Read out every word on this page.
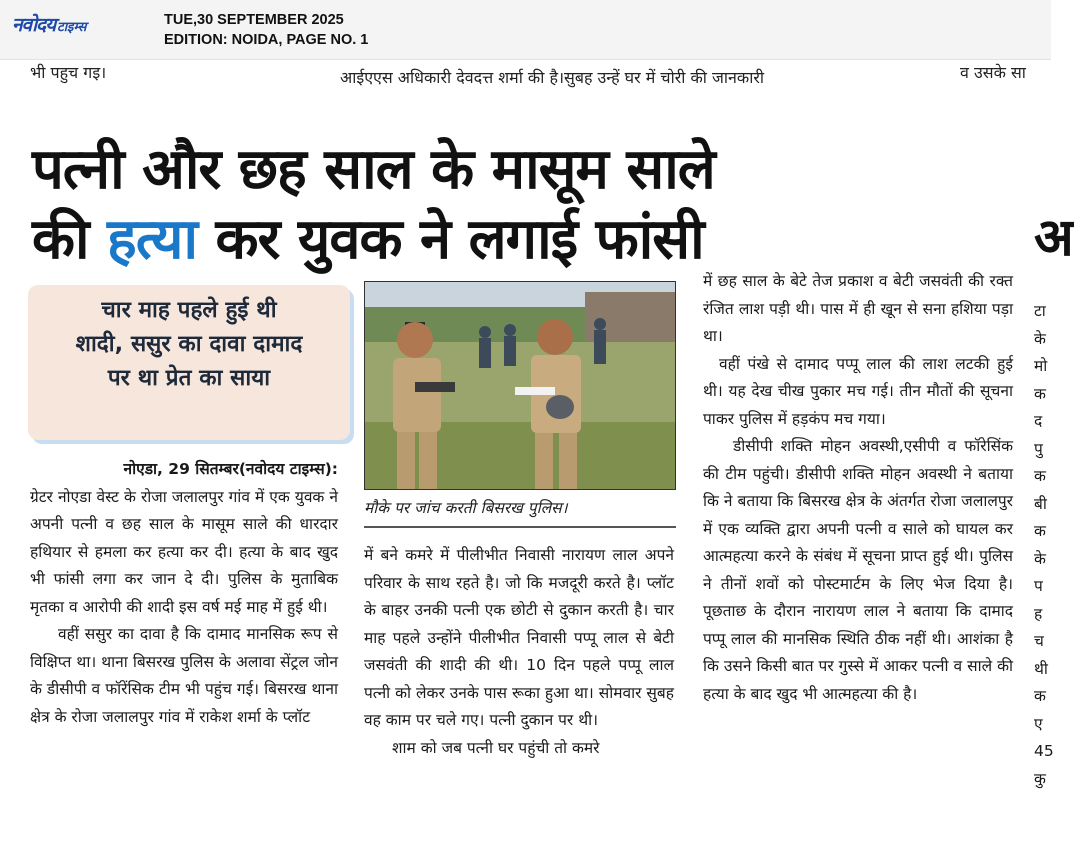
नवोदय टाइम्स	TUE,30 SEPTEMBER 2025
EDITION: NOIDA, PAGE NO. 1
भी पहुच गइ।	आईएएस अधिकारी देवदत्त शर्मा की है।सुबह उन्हें घर में चोरी की जानकारी	व उसके सा
पत्नी और छह साल के मासूम साले
की हत्या कर युवक ने लगाई फांसी	अ
चार माह पहले हुई थी
शादी, ससुर का दावा दामाद
पर था प्रेत का साया

नोएडा, 29 सितम्बर(नवोदय टाइम्स):

ग्रेटर नोएडा वेस्ट के रोजा जलालपुर गांव में एक युवक ने अपनी पत्नी व छह साल के मासूम साले की धारदार हथियार से हमला कर हत्या कर दी। हत्या के बाद खुद भी फांसी लगा कर जान दे दी। पुलिस के मुताबिक मृतका व आरोपी की शादी इस वर्ष मई माह में हुई थी।

वहीं ससुर का दावा है कि दामाद मानसिक रूप से विक्षिप्त था। थाना बिसरख पुलिस के अलावा सेंट्रल जोन के डीसीपी व फॉरेंसिक टीम भी पहुंच गई। बिसरख थाना क्षेत्र के रोजा जलालपुर गांव में राकेश शर्मा के प्लॉट

मौके पर जांच करती बिसरख पुलिस।

में बने कमरे में पीलीभीत निवासी नारायण लाल अपने परिवार के साथ रहते है। जो कि मजदूरी करते है। प्लॉट के बाहर उनकी पत्नी एक छोटी से दुकान करती है। चार माह पहले उन्होंने पीलीभीत निवासी पप्पू लाल से बेटी जसवंती की शादी की थी। 10 दिन पहले पप्पू लाल पत्नी को लेकर उनके पास रूका हुआ था। सोमवार सुबह वह काम पर चले गए। पत्नी दुकान पर थी।

शाम को जब पत्नी घर पहुंची तो कमरे

में छह साल के बेटे तेज प्रकाश व बेटी जसवंती की रक्त रंजित लाश पड़ी थी। पास में ही खून से सना हशिया पड़ा था।

वहीं पंखे से दामाद पप्पू लाल की लाश लटकी हुई थी। यह देख चीख पुकार मच गई। तीन मौतों की सूचना पाकर पुलिस में हड़कंप मच गया।

डीसीपी शक्ति मोहन अवस्थी,एसीपी व फॉरेसिंक की टीम पहुंची। डीसीपी शक्ति मोहन अवस्थी ने बताया कि ने बताया कि बिसरख क्षेत्र के अंतर्गत रोजा जलालपुर में एक व्यक्ति द्वारा अपनी पत्नी व साले को घायल कर आत्महत्या करने के संबंध में सूचना प्राप्त हुई थी। पुलिस ने तीनों शवों को पोस्टमार्टम के लिए भेज दिया है। पूछताछ के दौरान नारायण लाल ने बताया कि दामाद पप्पू लाल की मानसिक स्थिति ठीक नहीं थी। आशंका है कि उसने किसी बात पर गुस्से में आकर पत्नी व साले की हत्या के बाद खुद भी आत्महत्या की है।

टा
के
मो
क
द
पु
क
बी
क
के
प
ह
च
थी
क
ए
45
कु
